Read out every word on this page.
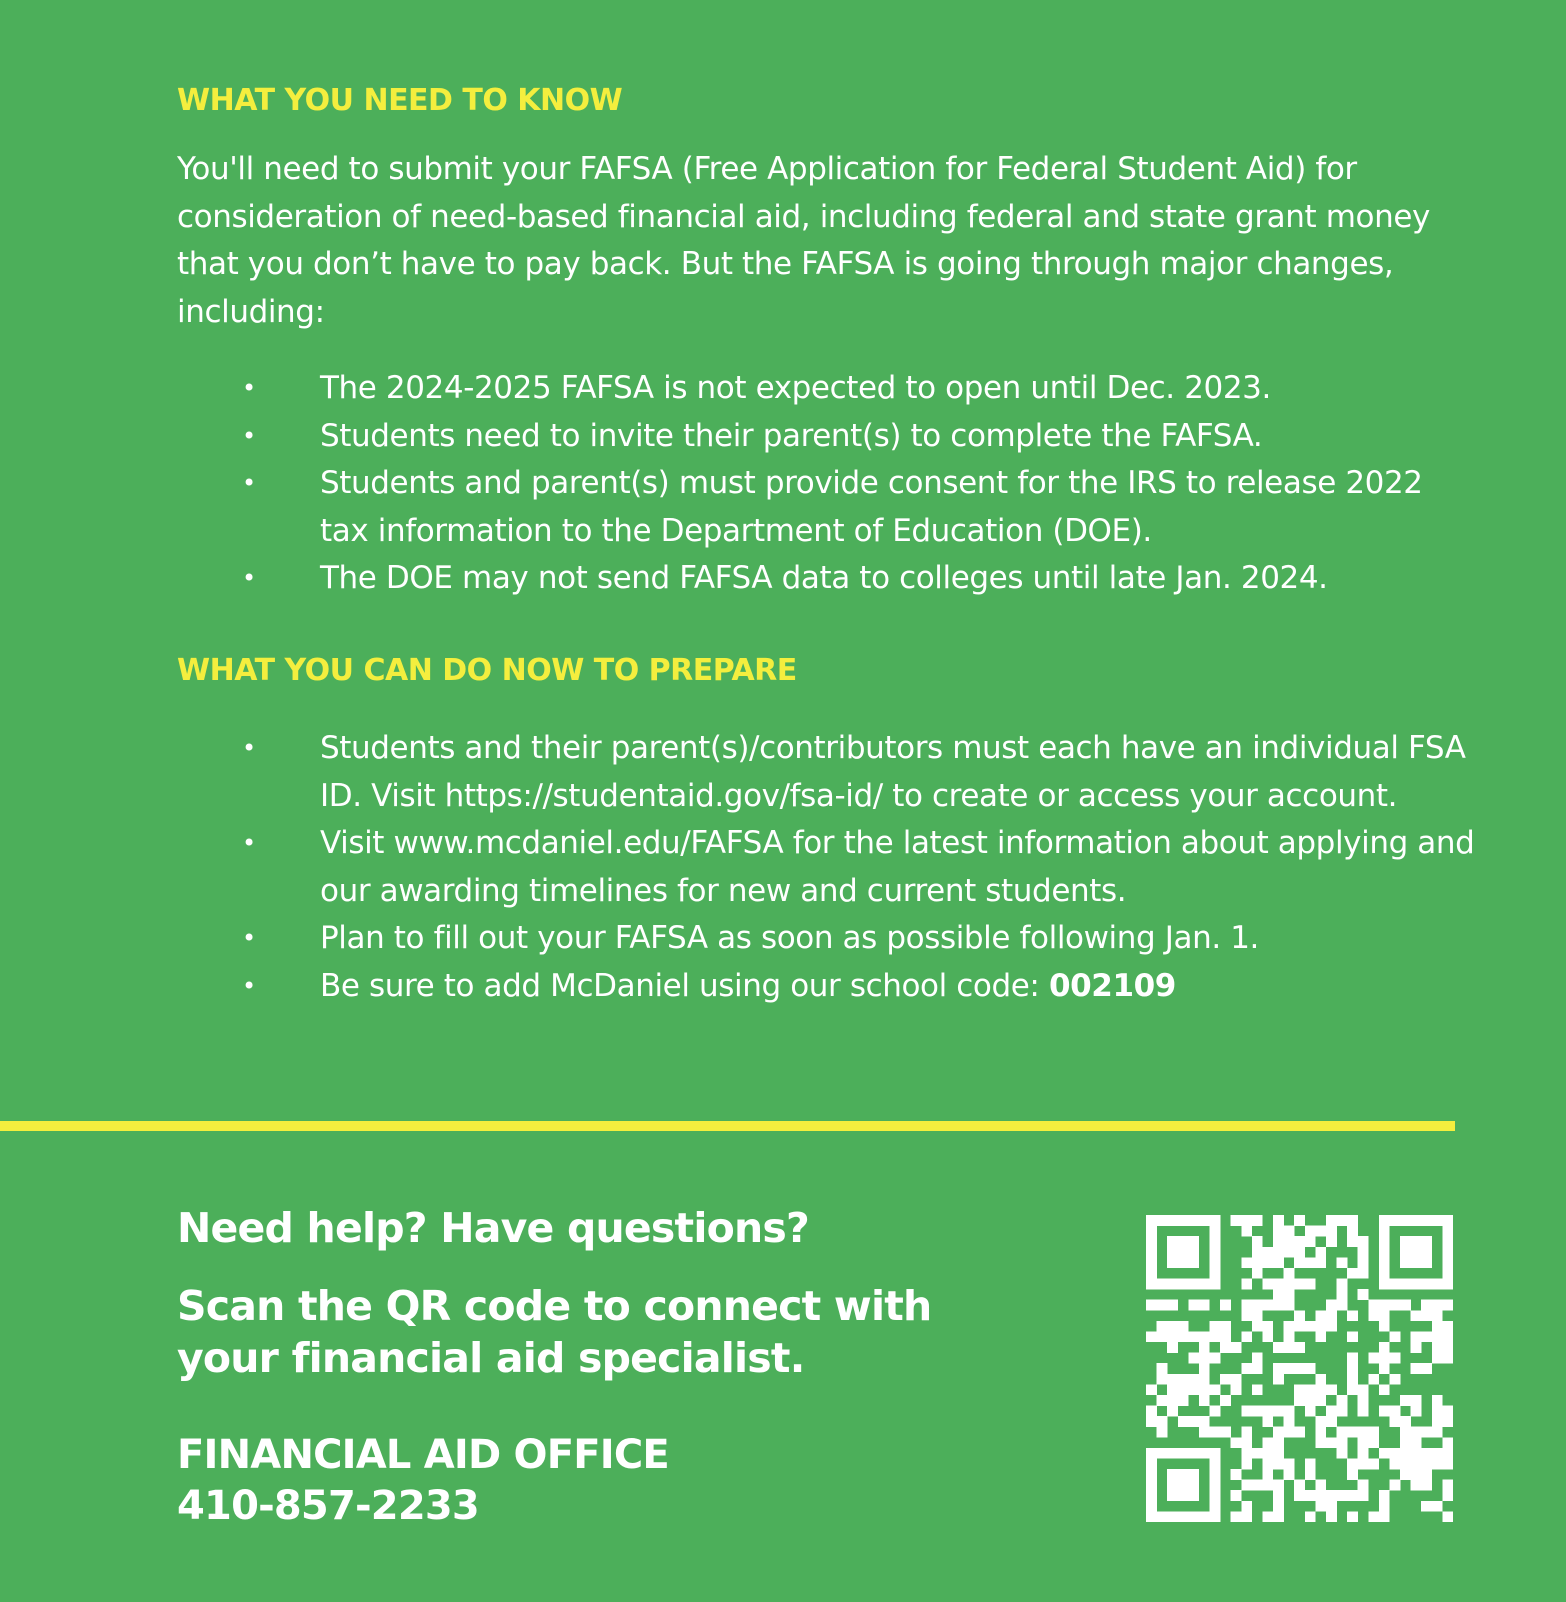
WHAT YOU NEED TO KNOW

You'll need to submit your FAFSA (Free Application for Federal Student Aid) for consideration of need-based financial aid, including federal and state grant money that you don’t have to pay back. But the FAFSA is going through major changes, including:

• The 2024-2025 FAFSA is not expected to open until Dec. 2023.
• Students need to invite their parent(s) to complete the FAFSA.
• Students and parent(s) must provide consent for the IRS to release 2022 tax information to the Department of Education (DOE).
• The DOE may not send FAFSA data to colleges until late Jan. 2024.
WHAT YOU CAN DO NOW TO PREPARE
• Students and their parent(s)/contributors must each have an individual FSA ID. Visit https://studentaid.gov/fsa-id/ to create or access your account.
• Visit www.mcdaniel.edu/FAFSA for the latest information about applying and our awarding timelines for new and current students.
• Plan to fill out your FAFSA as soon as possible following Jan. 1.
• Be sure to add McDaniel using our school code: 002109

Need help? Have questions?

Scan the QR code to connect with your financial aid specialist.

FINANCIAL AID OFFICE
410-857-2233
